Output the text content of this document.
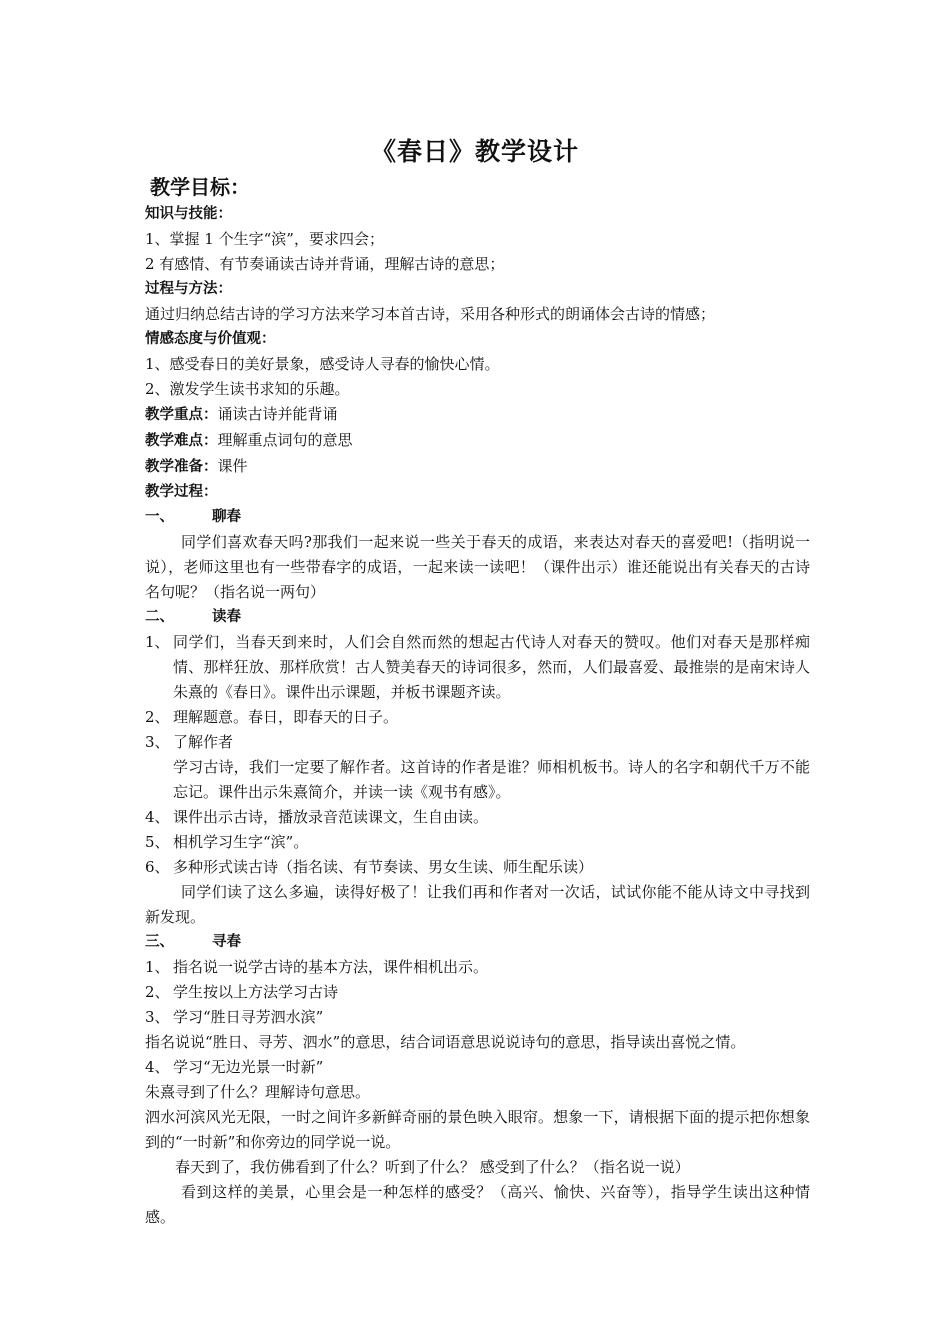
《春日》教学设计
教学目标：
知识与技能：
1、掌握 1 个生字“滨”，要求四会；
2 有感情、有节奏诵读古诗并背诵，理解古诗的意思；
过程与方法：
通过归纳总结古诗的学习方法来学习本首古诗，采用各种形式的朗诵体会古诗的情感；
情感态度与价值观：
1、感受春日的美好景象，感受诗人寻春的愉快心情。
2、激发学生读书求知的乐趣。
教学重点：诵读古诗并能背诵
教学难点：理解重点词句的意思
教学准备：课件
教学过程：
一、	聊春
同学们喜欢春天吗?那我们一起来说一些关于春天的成语，来表达对春天的喜爱吧!（指明说一说），老师这里也有一些带春字的成语，一起来读一读吧！（课件出示）谁还能说出有关春天的古诗名句呢？（指名说一两句）
二、	读春
1、 同学们，当春天到来时，人们会自然而然的想起古代诗人对春天的赞叹。他们对春天是那样痴情、那样狂放、那样欣赏！古人赞美春天的诗词很多，然而，人们最喜爱、最推崇的是南宋诗人朱熹的《春日》。课件出示课题，并板书课题齐读。
2、 理解题意。春日，即春天的日子。
3、 了解作者
学习古诗，我们一定要了解作者。这首诗的作者是谁？师相机板书。诗人的名字和朝代千万不能忘记。课件出示朱熹简介，并读一读《观书有感》。
4、 课件出示古诗，播放录音范读课文，生自由读。
5、 相机学习生字“滨”。
6、 多种形式读古诗（指名读、有节奏读、男女生读、师生配乐读）
同学们读了这么多遍，读得好极了！让我们再和作者对一次话，试试你能不能从诗文中寻找到新发现。
三、	寻春
1、 指名说一说学古诗的基本方法，课件相机出示。
2、 学生按以上方法学习古诗
3、 学习“胜日寻芳泗水滨”
指名说说“胜日、寻芳、泗水”的意思，结合词语意思说说诗句的意思，指导读出喜悦之情。
4、 学习“无边光景一时新”
朱熹寻到了什么？理解诗句意思。
泗水河滨风光无限，一时之间许多新鲜奇丽的景色映入眼帘。想象一下，请根据下面的提示把你想象到的“一时新”和你旁边的同学说一说。
春天到了，我仿佛看到了什么？听到了什么？ 感受到了什么？（指名说一说）
看到这样的美景，心里会是一种怎样的感受？（高兴、愉快、兴奋等），指导学生读出这种情感。
